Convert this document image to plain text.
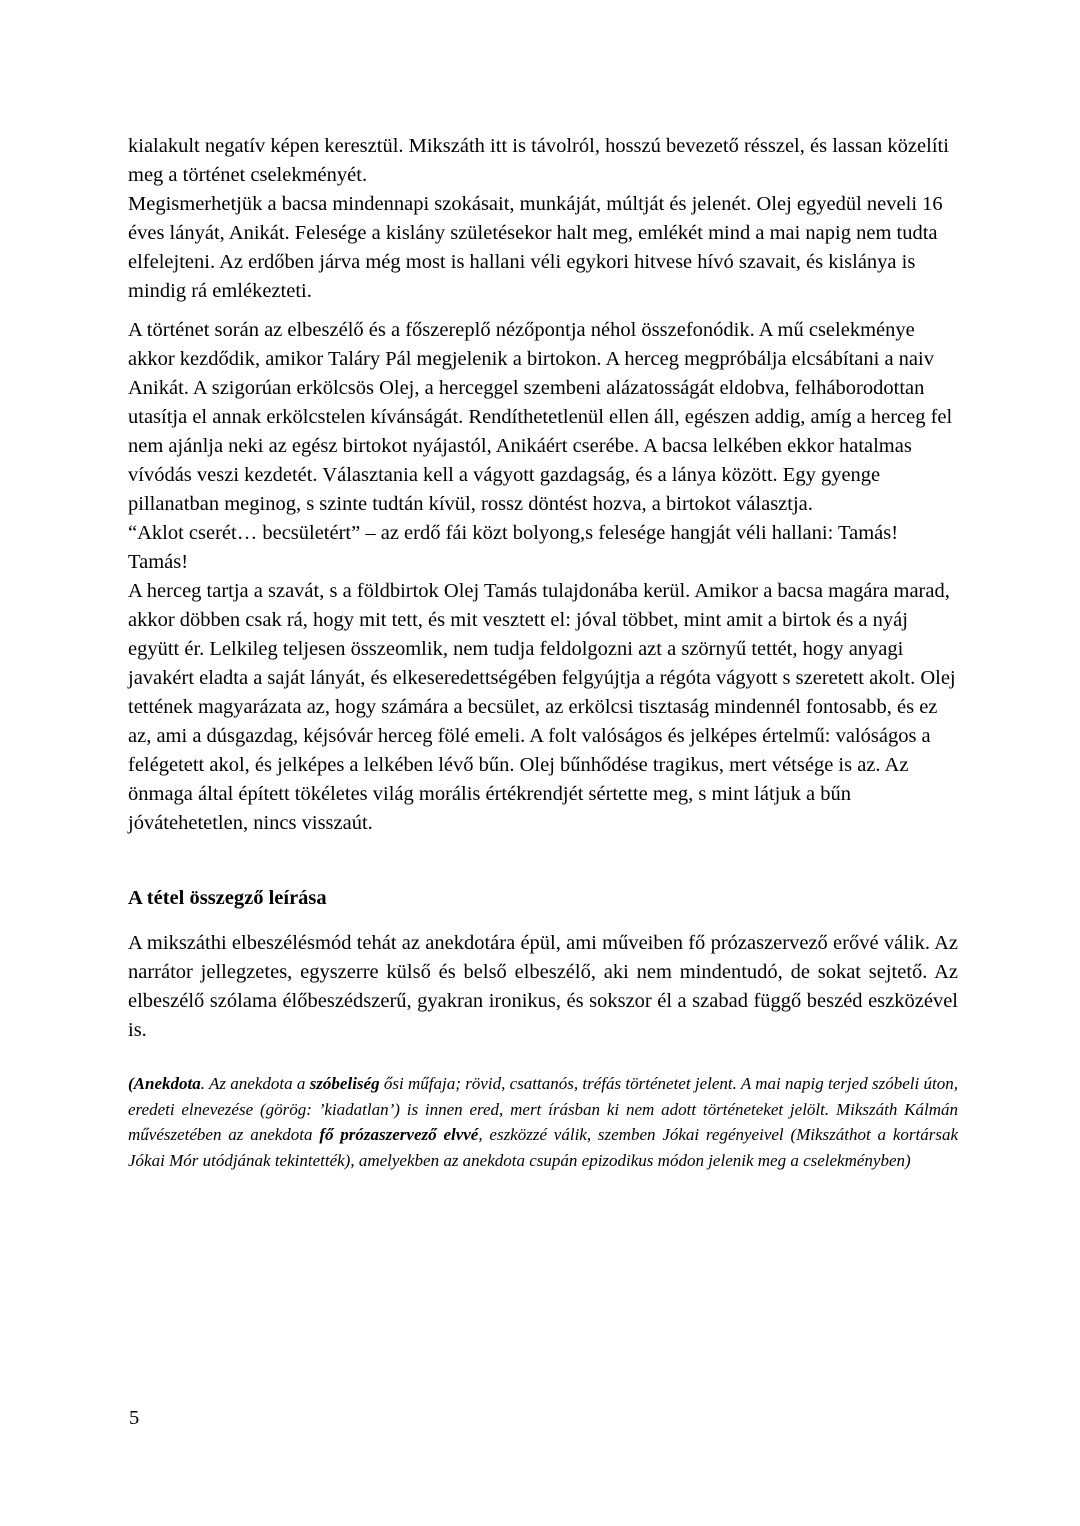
kialakult negatív képen keresztül. Mikszáth itt is távolról, hosszú bevezető résszel, és lassan közelíti meg a történet cselekményét.

Megismerhetjük a bacsa mindennapi szokásait, munkáját, múltját és jelenét. Olej egyedül neveli 16 éves lányát, Anikát. Felesége a kislány születésekor halt meg, emlékét mind a mai napig nem tudta elfelejteni. Az erdőben járva még most is hallani véli egykori hitvese hívó szavait, és kislánya is mindig rá emlékezteti.

A történet során az elbeszélő és a főszereplő nézőpontja néhol összefonódik. A mű cselekménye akkor kezdődik, amikor Taláry Pál megjelenik a birtokon. A herceg megpróbálja elcsábítani a naiv Anikát. A szigorúan erkölcsös Olej, a herceggel szembeni alázatosságát eldobva, felháborodottan utasítja el annak erkölcstelen kívánságát. Rendíthetetlenül ellen áll, egészen addig, amíg a herceg fel nem ajánlja neki az egész birtokot nyájastól, Anikáért cserébe. A bacsa lelkében ekkor hatalmas vívódás veszi kezdetét. Választania kell a vágyott gazdagság, és a lánya között. Egy gyenge pillanatban meginog, s szinte tudtán kívül, rossz döntést hozva, a birtokot választja.

“Aklot cserét… becsületért” – az erdő fái közt bolyong,s felesége hangját véli hallani: Tamás! Tamás!

A herceg tartja a szavát, s a földbirtok Olej Tamás tulajdonába kerül. Amikor a bacsa magára marad, akkor döbben csak rá, hogy mit tett, és mit vesztett el: jóval többet, mint amit a birtok és a nyáj együtt ér. Lelkileg teljesen összeomlik, nem tudja feldolgozni azt a szörnyű tettét, hogy anyagi javakért eladta a saját lányát, és elkeseredettségében felgyújtja a régóta vágyott s szeretett akolt. Olej tettének magyarázata az, hogy számára a becsület, az erkölcsi tisztaság mindennél fontosabb, és ez az, ami a dúsgazdag, kéjsóvár herceg fölé emeli. A folt valóságos és jelképes értelmű: valóságos a felégetett akol, és jelképes a lelkében lévő bűn. Olej bűnhődése tragikus, mert vétsége is az. Az önmaga által épített tökéletes világ morális értékrendjét sértette meg, s mint látjuk a bűn jóvátehetetlen, nincs visszaút.

A tétel összegző leírása

A mikszáthi elbeszélésmód tehát az anekdotára épül, ami műveiben fő prózaszervező erővé válik. Az narrátor jellegzetes, egyszerre külső és belső elbeszélő, aki nem mindentudó, de sokat sejtető. Az elbeszélő szólama élőbeszédszerű, gyakran ironikus, és sokszor él a szabad függő beszéd eszközével is.

(Anekdota. Az anekdota a szóbeliség ősi műfaja; rövid, csattanós, tréfás történetet jelent. A mai napig terjed szóbeli úton, eredeti elnevezése (görög: ’kiadatlan’) is innen ered, mert írásban ki nem adott történeteket jelölt. Mikszáth Kálmán művészetében az anekdota fő prózaszervező elvvé, eszközzé válik, szemben Jókai regényeivel (Mikszáthot a kortársak Jókai Mór utódjának tekintették), amelyekben az anekdota csupán epizodikus módon jelenik meg a cselekményben)

5
